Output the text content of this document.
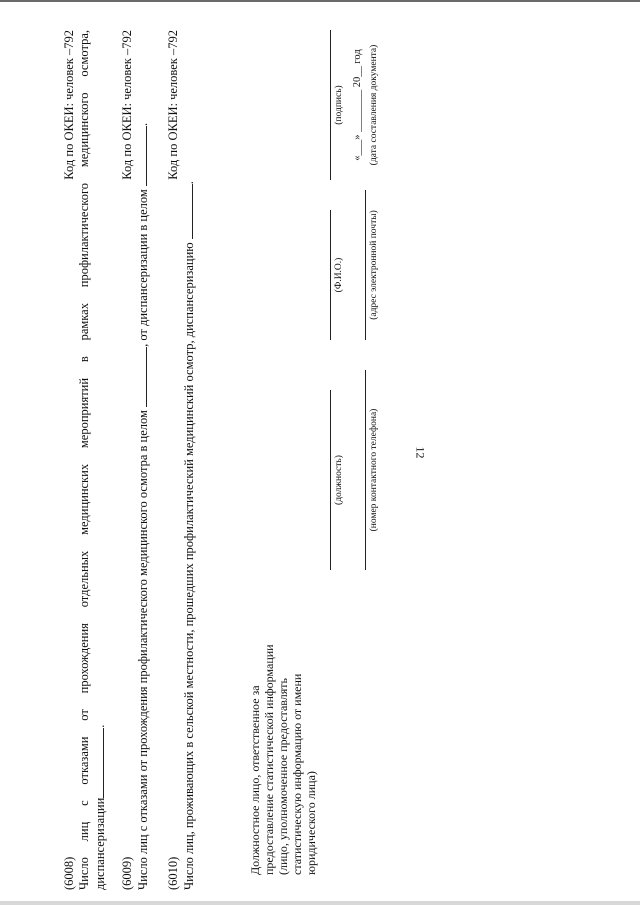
12
Код по ОКЕИ: человек –792
(6008) Число лиц с отказами от прохождения отдельных медицинских мероприятий в рамках профилактического медицинского осмотра, диспансеризации.
Код по ОКЕИ: человек –792
(6009) Число лиц с отказами от прохождения профилактического медицинского осмотра в целом , от диспансеризации в целом . Код по ОКЕИ: человек –792
(6010) Число лиц, проживающих в сельской местности, прошедших профилактический медицинский осмотр, диспансеризацию .
Должностное лицо, ответственное за предоставление статистической информации (лицо, уполномоченное предоставлять статистическую информацию от имени юридического лица)
(должность)
(Ф.И.О.)
(подпись)
(номер контактного телефона)
(адрес электронной почты)
«___» ________ 20__ год (дата составления документа)
